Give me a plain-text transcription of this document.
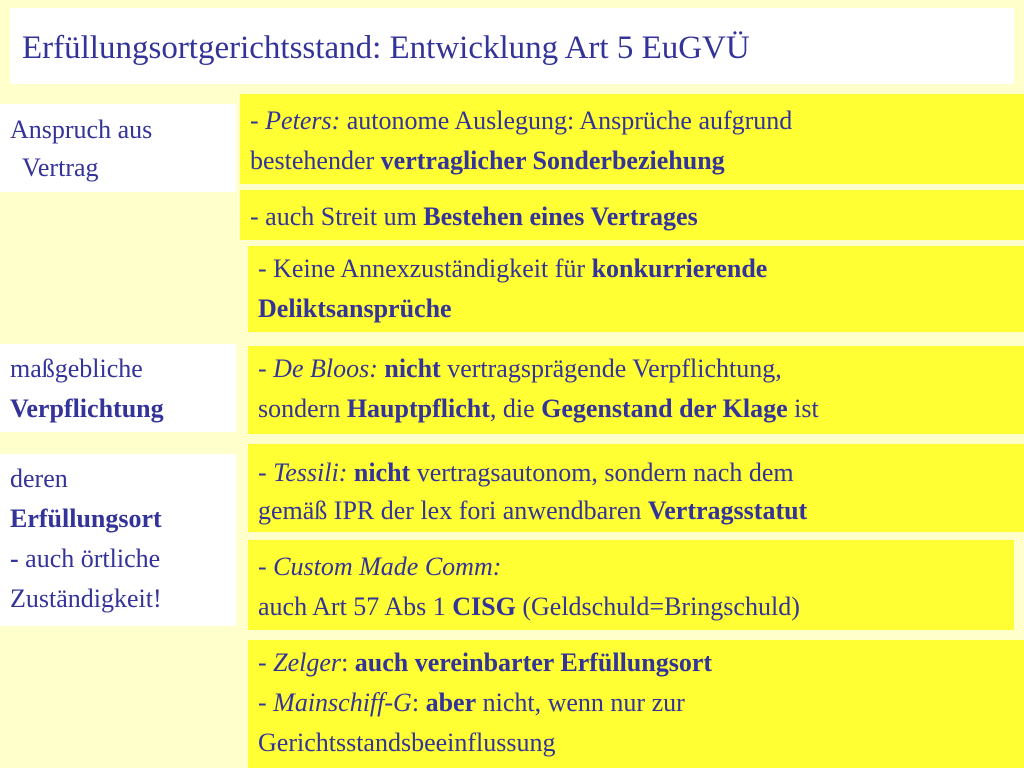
Erfüllungsortgerichtsstand: Entwicklung Art 5 EuGVÜ
Anspruch aus
Vertrag
maßgebliche
Verpflichtung
deren
Erfüllungsort
- auch örtliche
Zuständigkeit!
- Peters: autonome Auslegung: Ansprüche aufgrund
bestehender vertraglicher Sonderbeziehung
- auch Streit um Bestehen eines Vertrages
- Keine Annexzuständigkeit für konkurrierende
Deliktsansprüche
- De Bloos: nicht vertragsprägende Verpflichtung,
sondern Hauptpflicht, die Gegenstand der Klage ist
- Tessili: nicht vertragsautonom, sondern nach dem
gemäß IPR der lex fori anwendbaren Vertragsstatut
- Custom Made Comm:
auch Art 57 Abs 1 CISG (Geldschuld=Bringschuld)
- Zelger: auch vereinbarter Erfüllungsort
- Mainschiff-G: aber nicht, wenn nur zur
Gerichtsstandsbeeinflussung
